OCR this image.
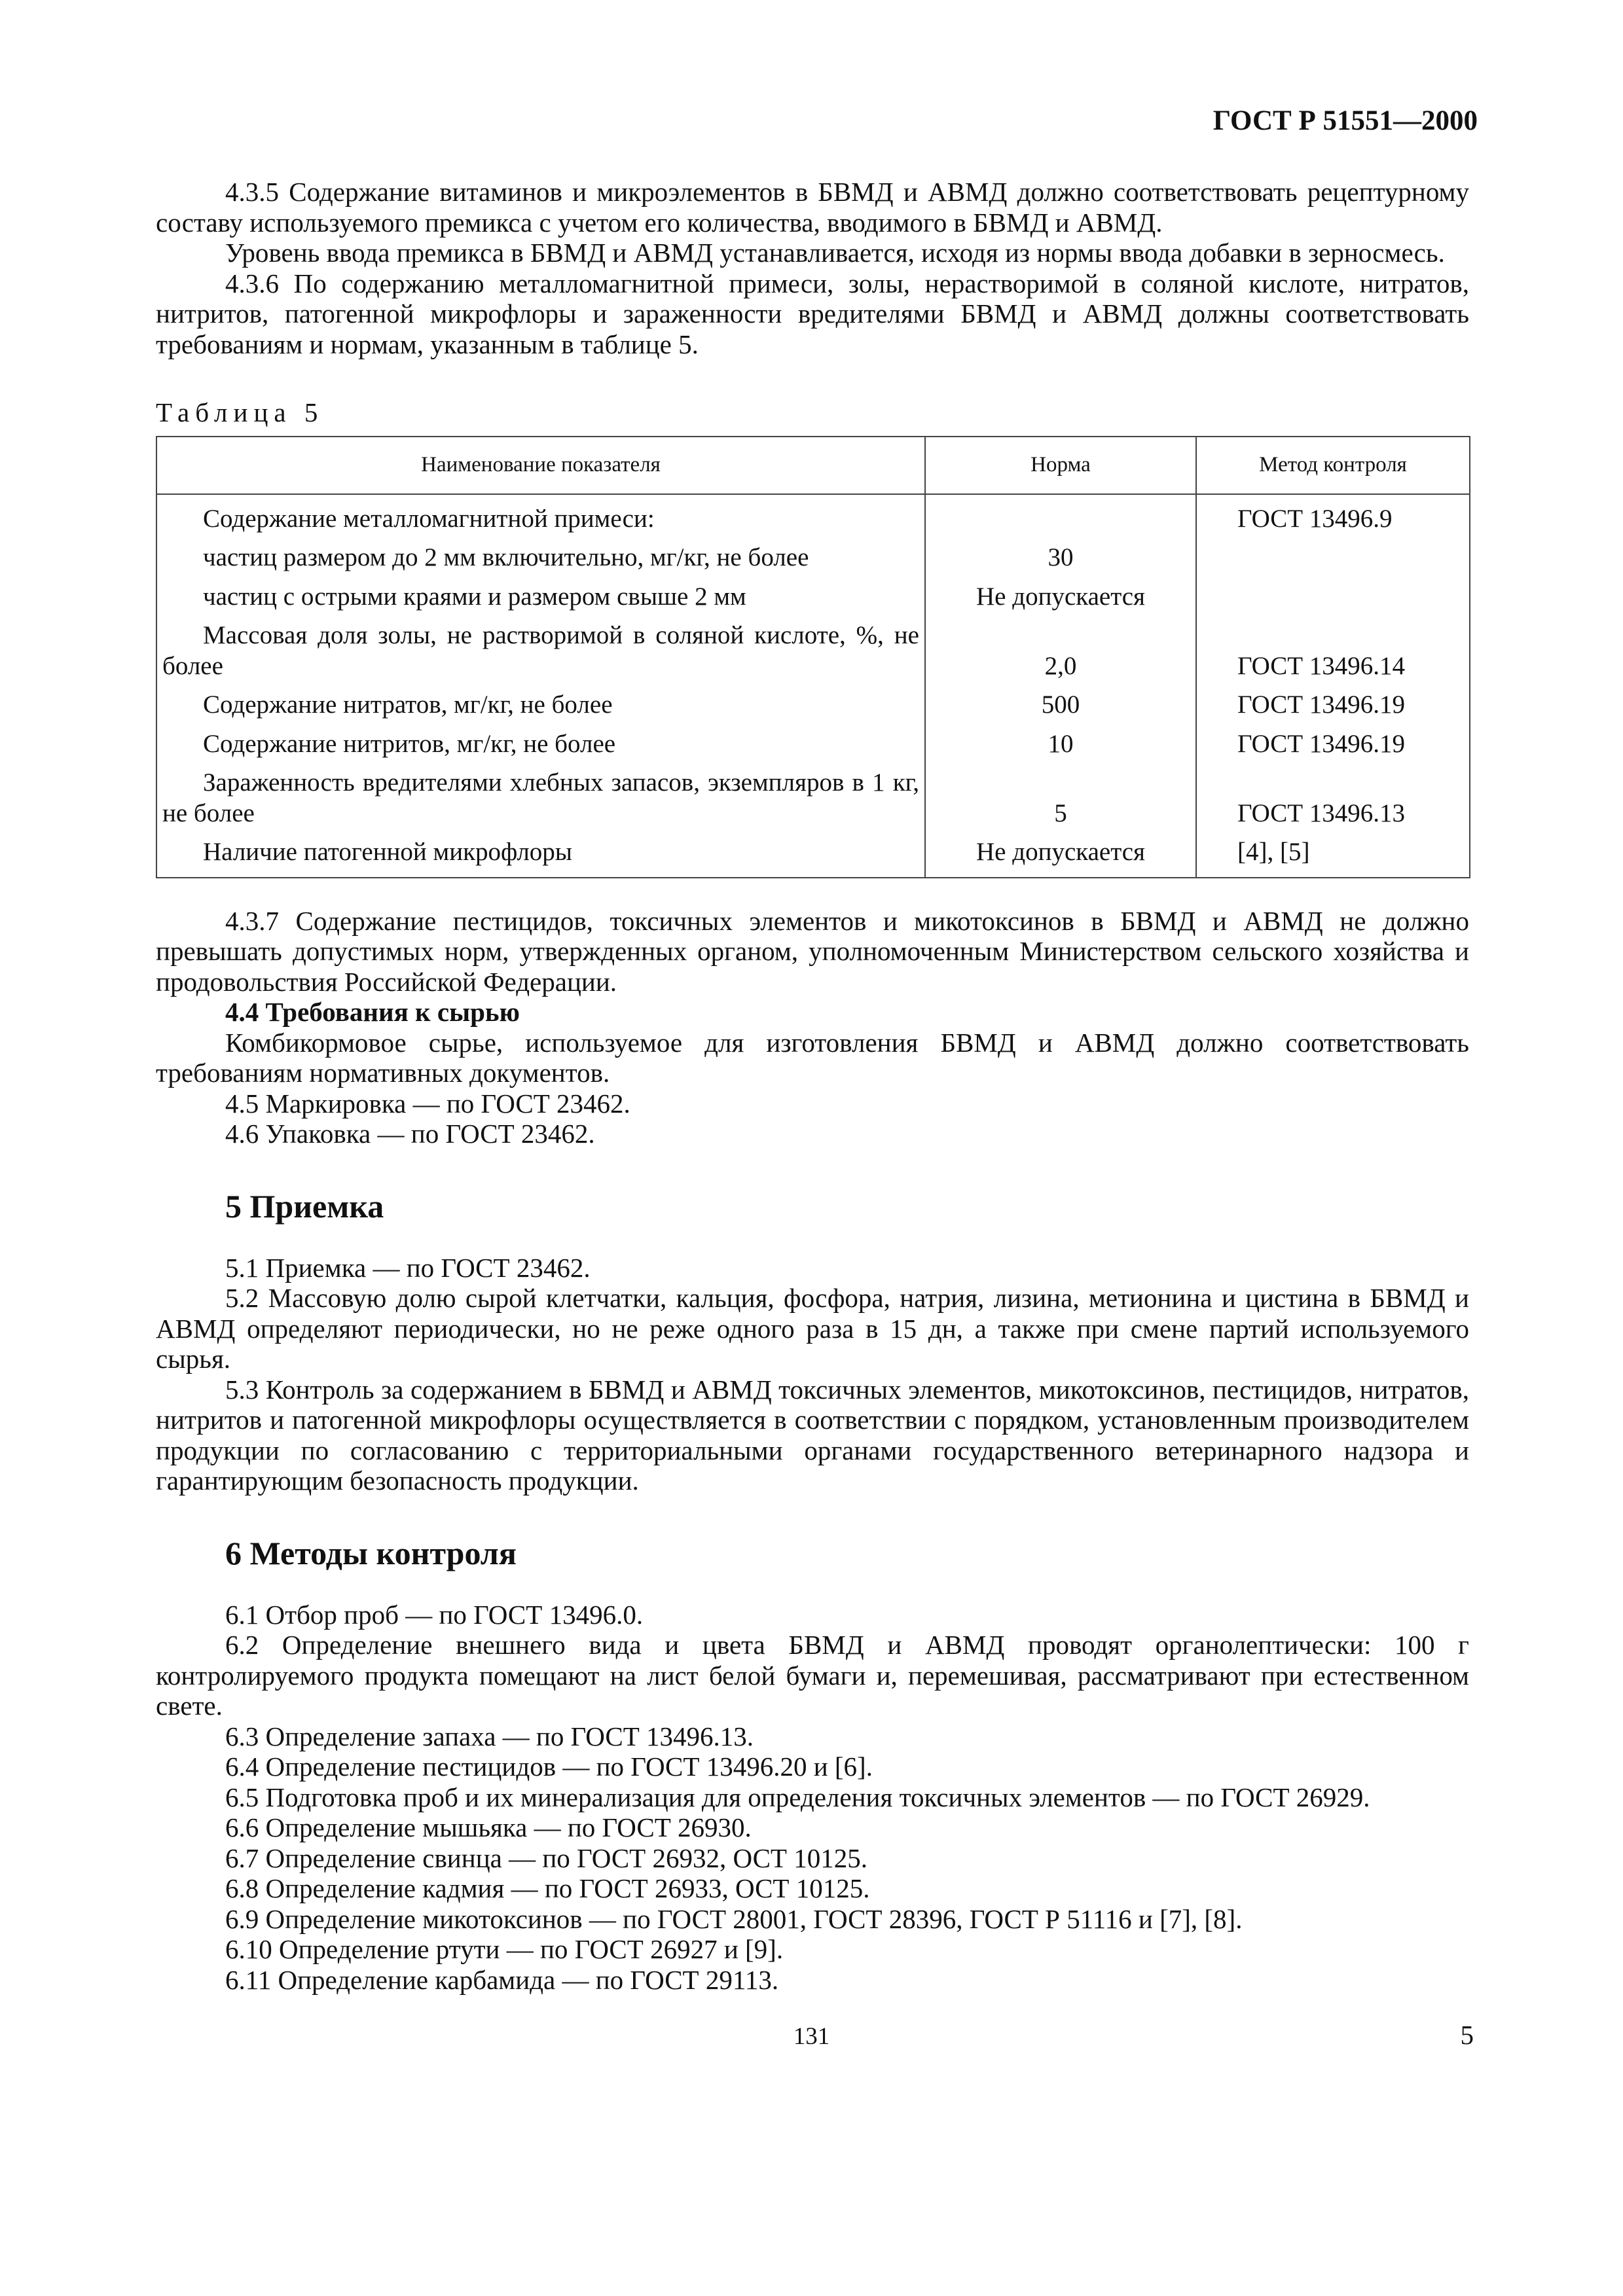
ГОСТ Р 51551—2000

4.3.5 Содержание витаминов и микроэлементов в БВМД и АВМД должно соответствовать рецептурному составу используемого премикса с учетом его количества, вводимого в БВМД и АВМД.

Уровень ввода премикса в БВМД и АВМД устанавливается, исходя из нормы ввода добавки в зерносмесь.

4.3.6 По содержанию металломагнитной примеси, золы, нерастворимой в соляной кислоте, нитратов, нитритов, патогенной микрофлоры и зараженности вредителями БВМД и АВМД должны соответствовать требованиям и нормам, указанным в таблице 5.

Таблица 5

Наименование показателя	Норма	Метод контроля
Содержание металломагнитной примеси:		ГОСТ 13496.9
частиц размером до 2 мм включительно, мг/кг, не более	30	
частиц с острыми краями и размером свыше 2 мм	Не допускается	
Массовая доля золы, не растворимой в соляной кислоте, %, не более	2,0	ГОСТ 13496.14
Содержание нитратов, мг/кг, не более	500	ГОСТ 13496.19
Содержание нитритов, мг/кг, не более	10	ГОСТ 13496.19
Зараженность вредителями хлебных запасов, экземпляров в 1 кг, не более	5	ГОСТ 13496.13
Наличие патогенной микрофлоры	Не допускается	[4], [5]

4.3.7 Содержание пестицидов, токсичных элементов и микотоксинов в БВМД и АВМД не должно превышать допустимых норм, утвержденных органом, уполномоченным Министерством сельского хозяйства и продовольствия Российской Федерации.

4.4 Требования к сырью

Комбикормовое сырье, используемое для изготовления БВМД и АВМД должно соответствовать требованиям нормативных документов.

4.5 Маркировка — по ГОСТ 23462.

4.6 Упаковка — по ГОСТ 23462.

5 Приемка

5.1 Приемка — по ГОСТ 23462.

5.2 Массовую долю сырой клетчатки, кальция, фосфора, натрия, лизина, метионина и цистина в БВМД и АВМД определяют периодически, но не реже одного раза в 15 дн, а также при смене партий используемого сырья.

5.3 Контроль за содержанием в БВМД и АВМД токсичных элементов, микотоксинов, пестицидов, нитратов, нитритов и патогенной микрофлоры осуществляется в соответствии с порядком, установленным производителем продукции по согласованию с территориальными органами государственного ветеринарного надзора и гарантирующим безопасность продукции.

6 Методы контроля

6.1 Отбор проб — по ГОСТ 13496.0.

6.2 Определение внешнего вида и цвета БВМД и АВМД проводят органолептически: 100 г контролируемого продукта помещают на лист белой бумаги и, перемешивая, рассматривают при естественном свете.

6.3 Определение запаха — по ГОСТ 13496.13.

6.4 Определение пестицидов — по ГОСТ 13496.20 и [6].

6.5 Подготовка проб и их минерализация для определения токсичных элементов — по ГОСТ 26929.

6.6 Определение мышьяка — по ГОСТ 26930.

6.7 Определение свинца — по ГОСТ 26932, ОСТ 10125.

6.8 Определение кадмия — по ГОСТ 26933, ОСТ 10125.

6.9 Определение микотоксинов — по ГОСТ 28001, ГОСТ 28396, ГОСТ Р 51116 и [7], [8].

6.10 Определение ртути — по ГОСТ 26927 и [9].

6.11 Определение карбамида — по ГОСТ 29113.

131	5
